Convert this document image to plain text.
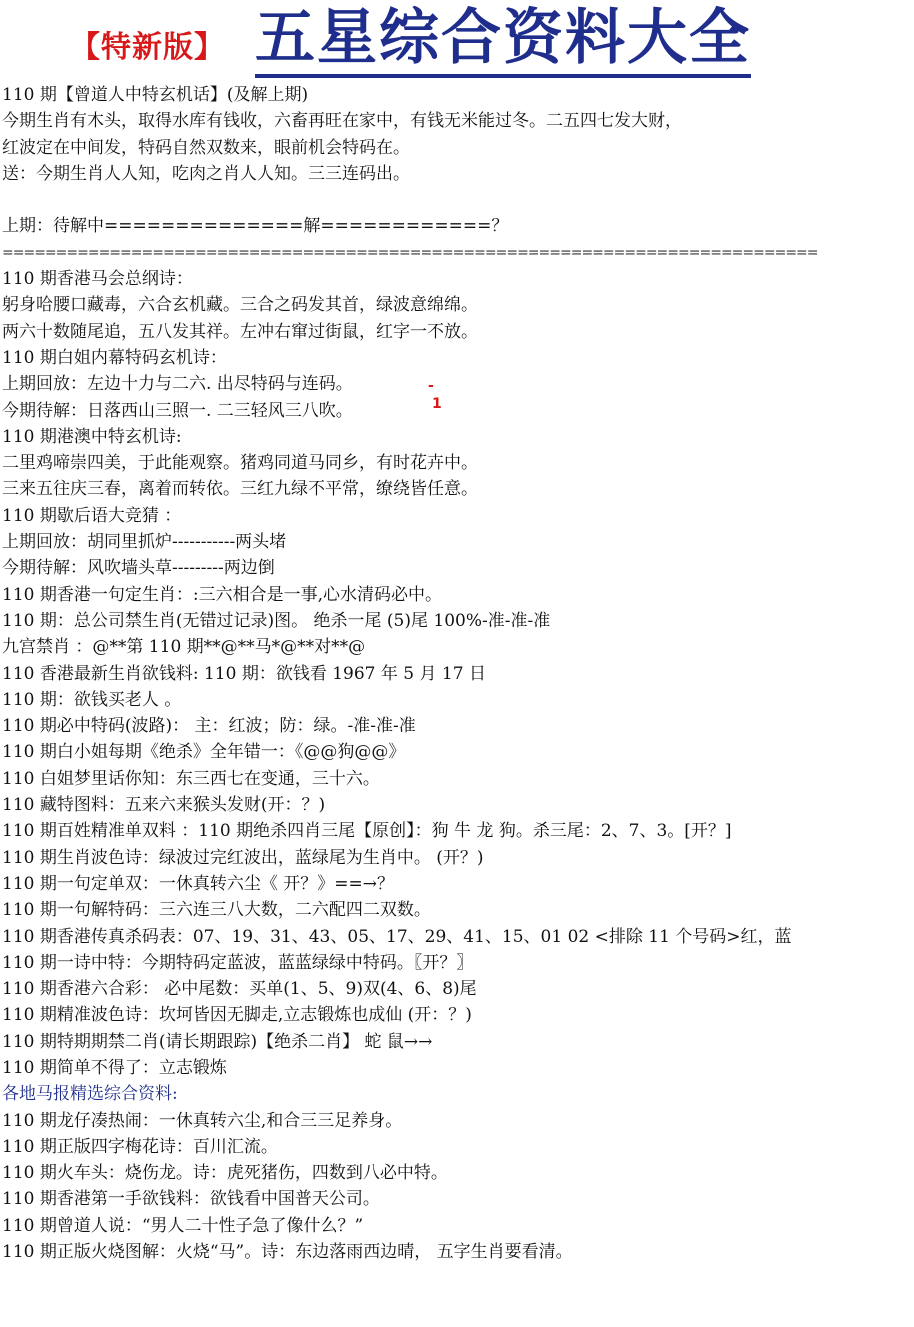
【特新版】 五星综合资料大全
110 期【曾道人中特玄机话】(及解上期)
今期生肖有木头，取得水库有钱收，六畜再旺在家中，有钱无米能过冬。二五四七发大财，
红波定在中间发，特码自然双数来，眼前机会特码在。
送：今期生肖人人知，吃肉之肖人人知。三三连码出。
上期：待解中==============解============？
============================================================================
110 期香港马会总纲诗：
躬身哈腰口藏毒，六合玄机藏。三合之码发其首，绿波意绵绵。
两六十数随尾追，五八发其祥。左冲右窜过街鼠，红字一不放。
110 期白姐内幕特码玄机诗：
上期回放：左边十力与二六. 出尽特码与连码。
今期待解：日落西山三照一. 二三轻风三八吹。
110 期港澳中特玄机诗:
二里鸡啼崇四美，于此能观察。猪鸡同道马同乡，有时花卉中。
三来五往庆三春，离着而转依。三红九绿不平常，缭绕皆任意。
110 期歇后语大竞猜 ：
上期回放：胡同里抓炉-----------两头堵
今期待解：风吹墙头草---------两边倒
110 期香港一句定生肖：:三六相合是一事,心水清码必中。
110 期：总公司禁生肖(无错过记录)图。 绝杀一尾 (5)尾 100%-准-准-准
九宫禁肖 ：@**第 110 期**@**马*@**对**@
110 香港最新生肖欲钱料: 110 期：欲钱看 1967 年 5 月 17 日
110 期：欲钱买老人 。
110 期必中特码(波路)： 主：红波；防：绿。-准-准-准
110 期白小姐每期《绝杀》全年错一：《@@狗@@》
110 白姐梦里话你知：东三西七在变通，三十六。
110 藏特图料：五来六来猴头发财(开：？)
110 期百姓精准单双料 ：110 期绝杀四肖三尾【原创】：狗 牛 龙 狗。杀三尾：2、7、3。[开？]
110 期生肖波色诗：绿波过完红波出，蓝绿尾为生肖中。 (开？)
110 期一句定单双：一休真转六尘《 开？》==→？
110 期一句解特码：三六连三八大数，二六配四二双数。
110 期香港传真杀码表：07、19、31、43、05、17、29、41、15、01 02 <排除 11 个号码>红，蓝
110 期一诗中特：今期特码定蓝波，蓝蓝绿绿中特码。〖开？〗
110 期香港六合彩： 必中尾数：买单(1、5、9)双(4、6、8)尾
110 期精准波色诗：坎坷皆因无脚走,立志锻炼也成仙 (开：？)
110 期特期期禁二肖(请长期跟踪)【绝杀二肖】 蛇 鼠→→
110 期简单不得了：立志锻炼
各地马报精选综合资料:
110 期龙仔凑热闹：一休真转六尘,和合三三足养身。
110 期正版四字梅花诗：百川汇流。
110 期火车头：烧伤龙。诗：虎死猪伤，四数到八必中特。
110 期香港第一手欲钱料：欲钱看中国普天公司。
110 期曾道人说：“男人二十性子急了像什么？”
110 期正版火烧图解：火烧“马”。诗：东边落雨西边晴， 五字生肖要看清。
-
1
